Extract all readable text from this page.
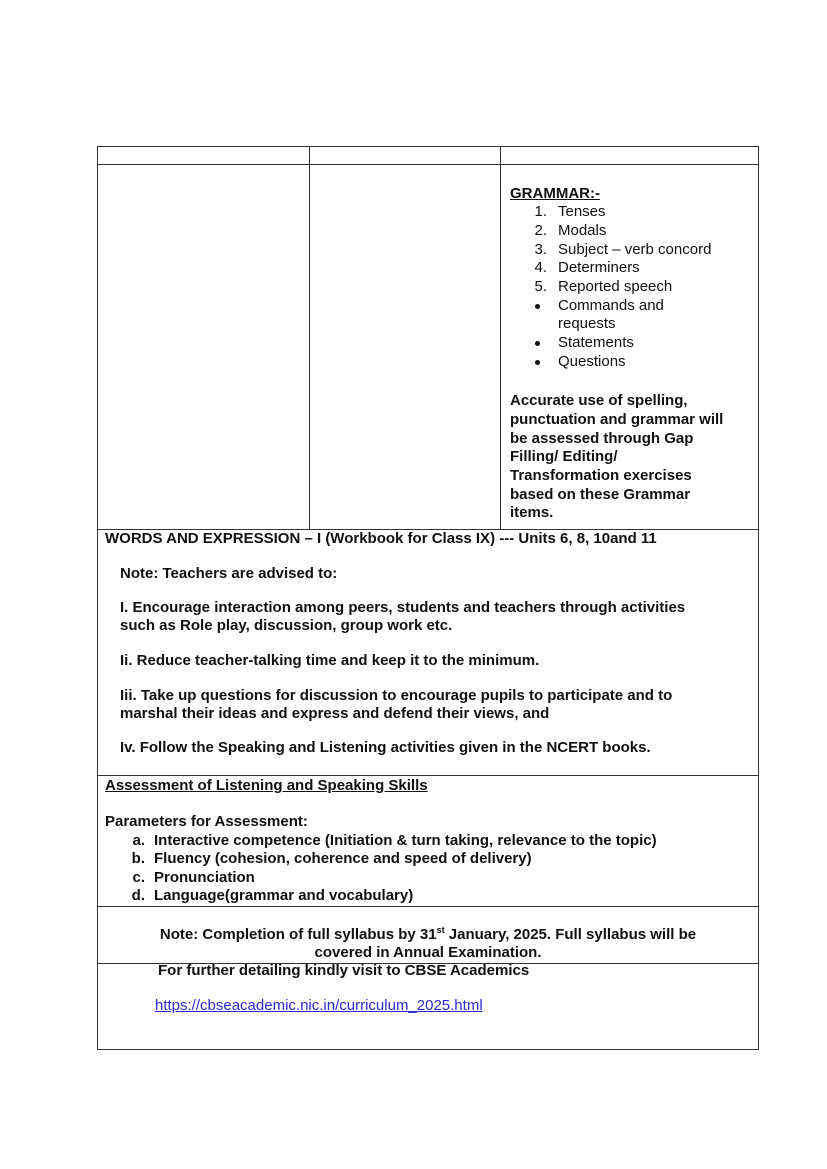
GRAMMAR:-
1. Tenses
2. Modals
3. Subject – verb concord
4. Determiners
5. Reported speech
Commands and
requests
Statements
Questions
Accurate use of spelling,
punctuation and grammar will
be assessed through Gap
Filling/ Editing/
Transformation exercises
based on these Grammar
items.
WORDS AND EXPRESSION – I (Workbook for Class IX) --- Units 6, 8, 10and 11
Note: Teachers are advised to:
I. Encourage interaction among peers, students and teachers through activities
such as Role play, discussion, group work etc.
Ii. Reduce teacher-talking time and keep it to the minimum.
Iii. Take up questions for discussion to encourage pupils to participate and to
marshal their ideas and express and defend their views, and
Iv. Follow the Speaking and Listening activities given in the NCERT books.
Assessment of Listening and Speaking Skills
Parameters for Assessment:
a. Interactive competence (Initiation & turn taking, relevance to the topic)
b. Fluency (cohesion, coherence and speed of delivery)
c. Pronunciation
d. Language(grammar and vocabulary)
Note: Completion of full syllabus by 31st January, 2025. Full syllabus will be
covered in Annual Examination.
For further detailing kindly visit to CBSE Academics
https://cbseacademic.nic.in/curriculum_2025.html
